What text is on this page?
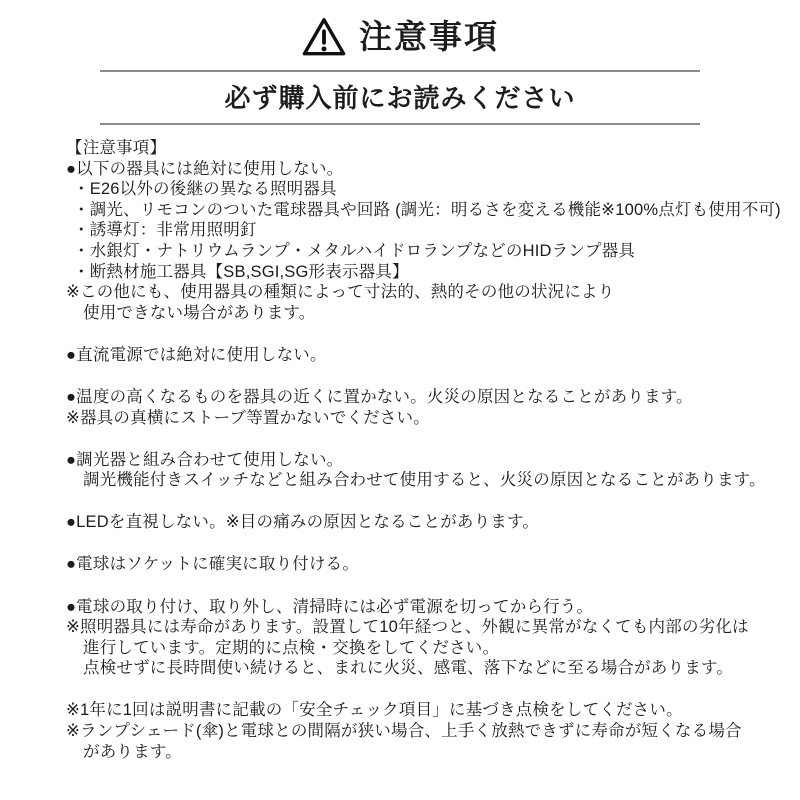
注意事項
必ず購入前にお読みください
【注意事項】
●以下の器具には絶対に使用しない。
・E26以外の後継の異なる照明器具
・調光、リモコンのついた電球器具や回路 (調光：明るさを変える機能※100%点灯も使用不可)
・誘導灯：非常用照明釘
・水銀灯・ナトリウムランプ・メタルハイドロランプなどのHIDランプ器具
・断熱材施工器具【SB,SGI,SG形表示器具】
※この他にも、使用器具の種類によって寸法的、熱的その他の状況により
使用できない場合があります。
●直流電源では絶対に使用しない。
●温度の高くなるものを器具の近くに置かない。火災の原因となることがあります。
※器具の真横にストーブ等置かないでください。
●調光器と組み合わせて使用しない。
調光機能付きスイッチなどと組み合わせて使用すると、火災の原因となることがあります。
●LEDを直視しない。※目の痛みの原因となることがあります。
●電球はソケットに確実に取り付ける。
●電球の取り付け、取り外し、清掃時には必ず電源を切ってから行う。
※照明器具には寿命があります。設置して10年経つと、外観に異常がなくても内部の劣化は
進行しています。定期的に点検・交換をしてください。
点検せずに長時間使い続けると、まれに火災、感電、落下などに至る場合があります。
※1年に1回は説明書に記載の「安全チェック項目」に基づき点検をしてください。
※ランプシェード(傘)と電球との間隔が狭い場合、上手く放熱できずに寿命が短くなる場合
があります。
